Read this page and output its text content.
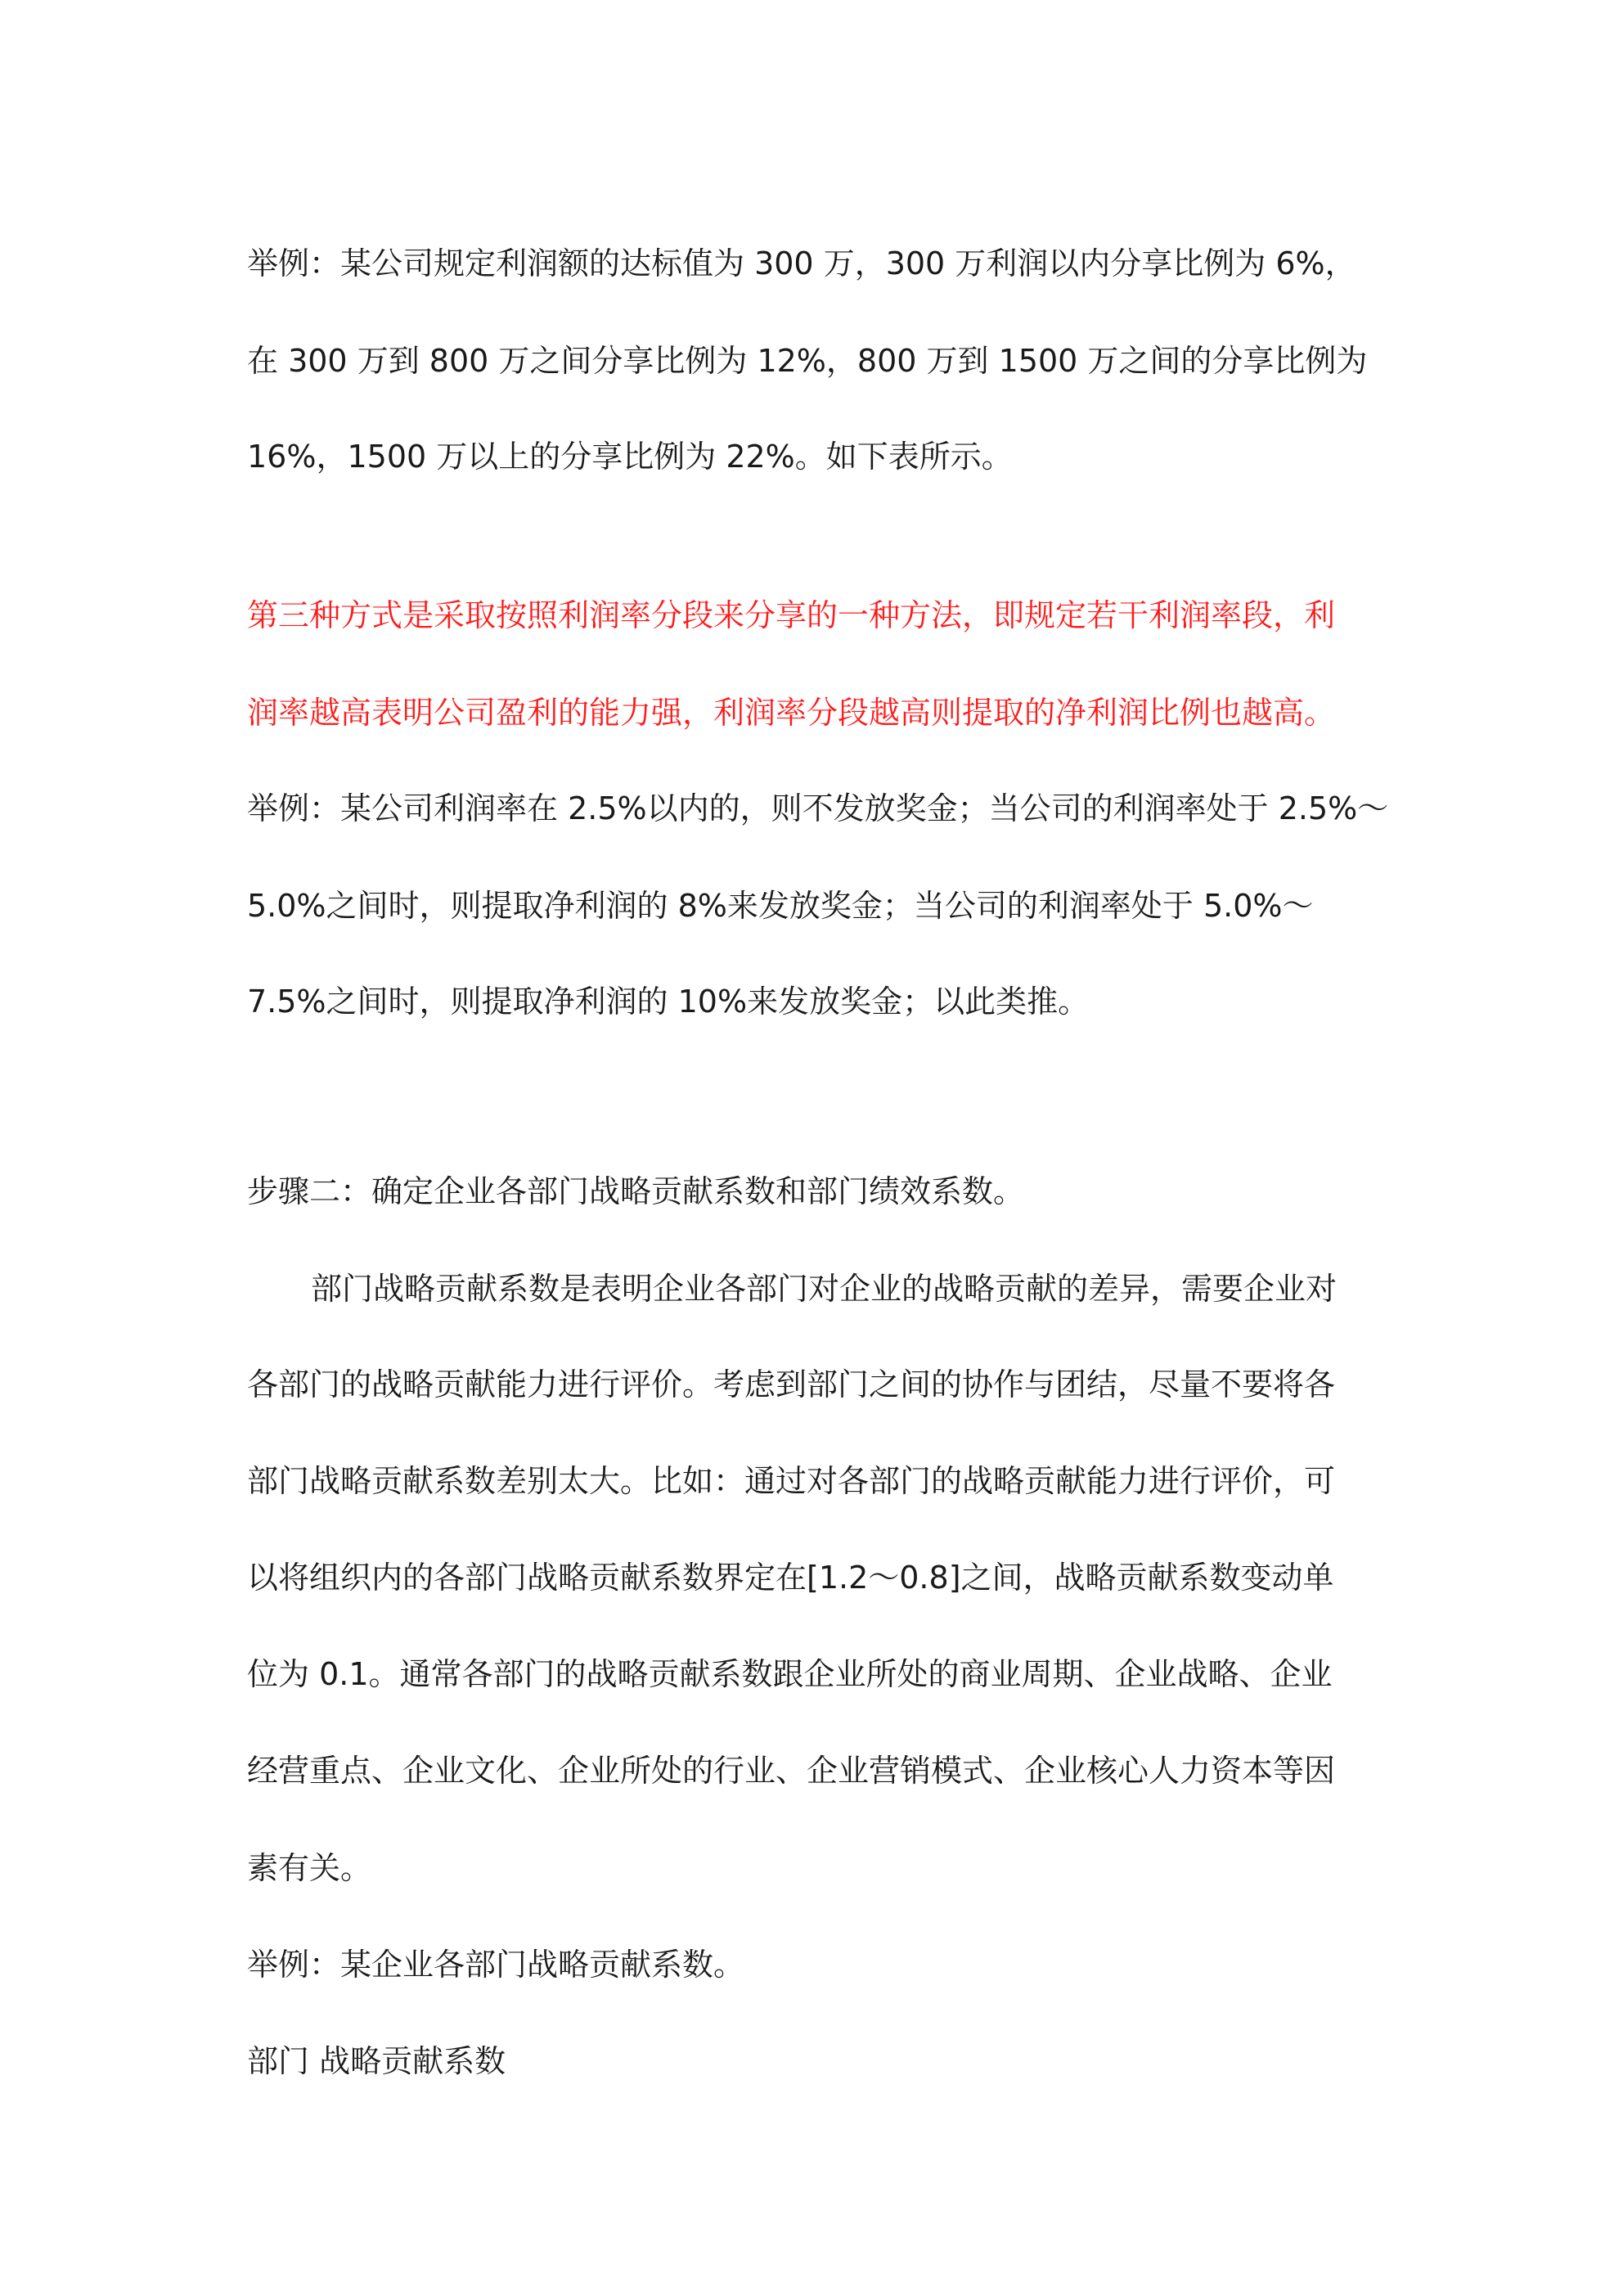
举例：某公司规定利润额的达标值为 300 万，300 万利润以内分享比例为 6%，
在 300 万到 800 万之间分享比例为 12%，800 万到 1500 万之间的分享比例为
16%，1500 万以上的分享比例为 22%。如下表所示。
第三种方式是采取按照利润率分段来分享的一种方法，即规定若干利润率段，利
润率越高表明公司盈利的能力强，利润率分段越高则提取的净利润比例也越高。
举例：某公司利润率在 2.5%以内的，则不发放奖金；当公司的利润率处于 2.5%～
5.0%之间时，则提取净利润的 8%来发放奖金；当公司的利润率处于 5.0%～
7.5%之间时，则提取净利润的 10%来发放奖金；以此类推。
步骤二：确定企业各部门战略贡献系数和部门绩效系数。
部门战略贡献系数是表明企业各部门对企业的战略贡献的差异，需要企业对
各部门的战略贡献能力进行评价。考虑到部门之间的协作与团结，尽量不要将各
部门战略贡献系数差别太大。比如：通过对各部门的战略贡献能力进行评价，可
以将组织内的各部门战略贡献系数界定在[1.2～0.8]之间，战略贡献系数变动单
位为 0.1。通常各部门的战略贡献系数跟企业所处的商业周期、企业战略、企业
经营重点、企业文化、企业所处的行业、企业营销模式、企业核心人力资本等因
素有关。
举例：某企业各部门战略贡献系数。
部门 战略贡献系数
